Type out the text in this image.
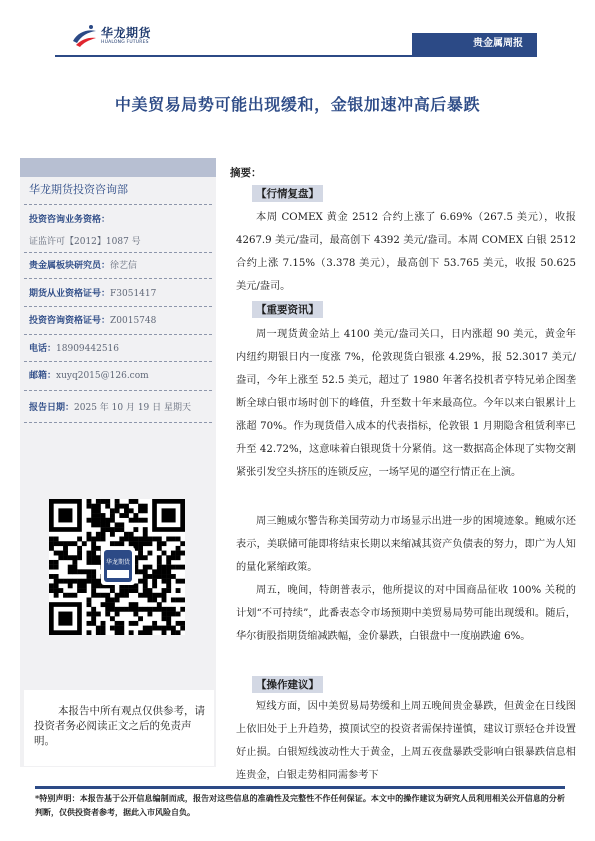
华龙期货
HUALONG FUTURES	贵金属周报
中美贸易局势可能出现缓和，金银加速冲高后暴跌
华龙期货投资咨询部
投资咨询业务资格：
证监许可【2012】1087 号
贵金属板块研究员：徐艺信
期货从业资格证号：F3051417
投资咨询资格证号：Z0015748
电话：18909442516
邮箱：xuyq2015@126.com
报告日期：2025 年 10 月 19 日 星期天
华龙期货

本报告中所有观点仅供参考，请投资者务必阅读正文之后的免责声明。

摘要：
【行情复盘】

本周 COMEX 黄金 2512 合约上涨了 6.69%（267.5 美元），收报 4267.9 美元/盎司，最高创下 4392 美元/盎司。本周 COMEX 白银 2512 合约上涨 7.15%（3.378 美元），最高创下 53.765 美元，收报 50.625 美元/盎司。

【重要资讯】

周一现货黄金站上 4100 美元/盎司关口，日内涨超 90 美元，黄金年内纽约期银日内一度涨 7%，伦敦现货白银涨 4.29%，报 52.3017 美元/盎司，今年上涨至 52.5 美元，超过了 1980 年著名投机者亨特兄弟企图垄断全球白银市场时创下的峰值，升至数十年来最高位。今年以来白银累计上涨超 70%。作为现货借入成本的代表指标，伦敦银 1 月期隐含租赁利率已升至 42.72%，这意味着白银现货十分紧俏。这一数据高企体现了实物交割紧张引发空头挤压的连锁反应，一场罕见的逼空行情正在上演。

周三鲍威尔警告称美国劳动力市场显示出进一步的困境迹象。鲍威尔还表示，美联储可能即将结束长期以来缩减其资产负债表的努力，即广为人知的量化紧缩政策。

周五，晚间，特朗普表示，他所提议的对中国商品征收 100% 关税的计划“不可持续”，此番表态令市场预期中美贸易局势可能出现缓和。随后，华尔街股指期货缩减跌幅，金价暴跌，白银盘中一度崩跌逾 6%。

【操作建议】

短线方面，因中美贸易局势缓和上周五晚间贵金暴跌，但黄金在日线图上依旧处于上升趋势，摸顶试空的投资者需保持谨慎，建议订票轻仓并设置好止损。白银短线波动性大于黄金，上周五夜盘暴跌受影响白银暴跌信息相连贵金，白银走势相同需参考下

*特别声明：本报告基于公开信息编制而成，报告对这些信息的准确性及完整性不作任何保证。本文中的操作建议为研究人员利用相关公开信息的分析判断，仅供投资者参考，据此入市风险自负。
